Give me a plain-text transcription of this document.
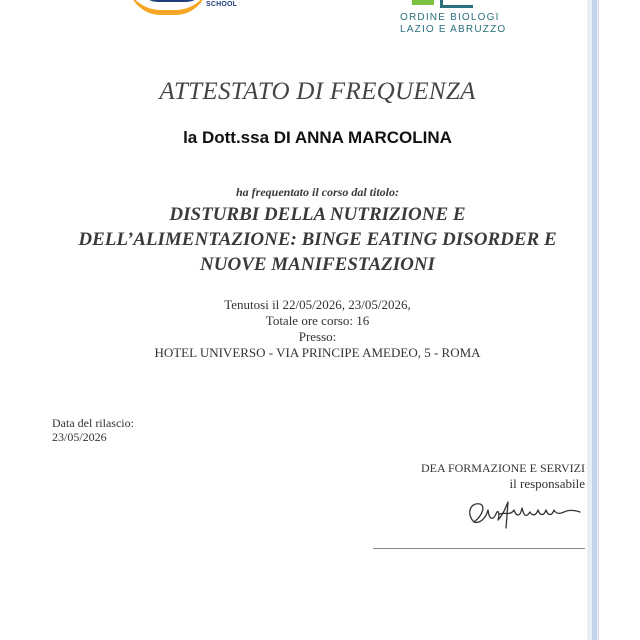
SCHOOL
ORDINE BIOLOGI
LAZIO E ABRUZZO
ATTESTATO DI FREQUENZA
la Dott.ssa DI ANNA MARCOLINA
ha frequentato il corso dal titolo:
DISTURBI DELLA NUTRIZIONE E
DELL’ALIMENTAZIONE: BINGE EATING DISORDER E
NUOVE MANIFESTAZIONI
Tenutosi il 22/05/2026, 23/05/2026,
Totale ore corso: 16
Presso:
HOTEL UNIVERSO - VIA PRINCIPE AMEDEO, 5 - ROMA
Data del rilascio:
23/05/2026
DEA FORMAZIONE E SERVIZI
il responsabile
